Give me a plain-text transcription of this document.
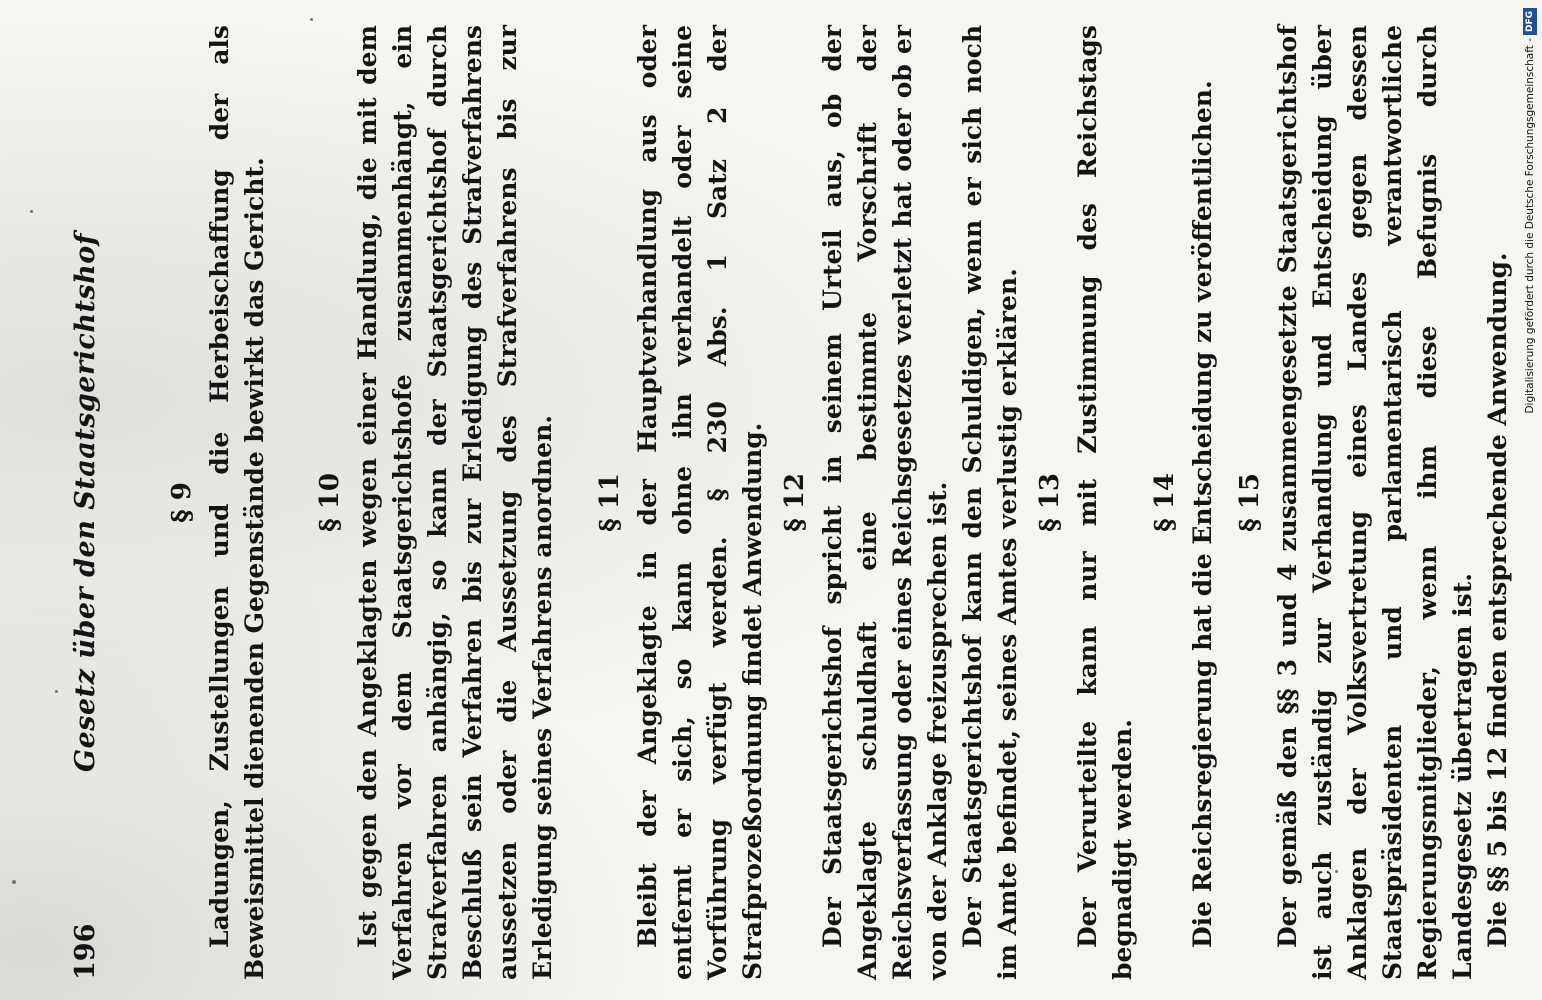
196
Gesetz über den Staatsgerichtshof	§ 9 Ladungen, Zustellungen und die Herbeischaffung der als Beweismittel dienenden Gegenstände bewirkt das Gericht. § 10 Ist gegen den Angeklagten wegen einer Handlung, die mit dem Verfahren vor dem Staatsgerichtshofe zusammenhängt, ein Strafverfahren anhängig, so kann der Staatsgerichtshof durch Beschluß sein Verfahren bis zur Erledigung des Strafverfahrens aussetzen oder die Aussetzung des Strafverfahrens bis zur Erledigung seines Verfahrens anordnen. § 11 Bleibt der Angeklagte in der Hauptverhandlung aus oder entfernt er sich, so kann ohne ihn verhandelt oder seine Vorführung verfügt werden. § 230 Abs. 1 Satz 2 der Strafprozeßordnung findet Anwendung. § 12 Der Staatsgerichtshof spricht in seinem Urteil aus, ob der Angeklagte schuldhaft eine bestimmte Vorschrift der Reichsverfassung oder eines Reichsgesetzes verletzt hat oder ob er von der Anklage freizusprechen ist. Der Staatsgerichtshof kann den Schuldigen, wenn er sich noch im Amte befindet, seines Amtes verlustig erklären. § 13 Der Verurteilte kann nur mit Zustimmung des Reichstags begnadigt werden.

§ 14 Die Reichsregierung hat die Entscheidung zu veröffentlichen. § 15 Der gemäß den §§ 3 und 4 zusammengesetzte Staatsgerichtshof ist auch zuständig zur Verhandlung und Entscheidung über Anklagen der Volksvertretung eines Landes gegen dessen Staatspräsidenten und parlamentarisch verantwortliche Regierungsmitglieder, wenn ihm diese Befugnis durch Landesgesetz übertragen ist. Die §§ 5 bis 12 finden entsprechende Anwendung.

Digitalisierung gefördert durch die Deutsche Forschungsgemeinschaft -
DFG
